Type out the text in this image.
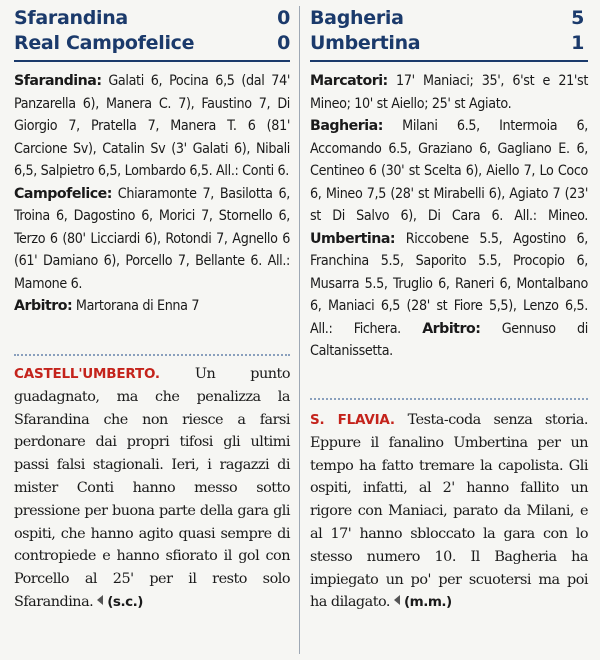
Sfarandina	0
Real Campofelice	0

Sfarandina: Galati 6, Pocina 6,5 (dal 74' Panzarella 6), Manera C. 7), Faustino 7, Di Giorgio 7, Pratella 7, Manera T. 6 (81' Carcione Sv), Catalin Sv (3' Galati 6), Nibali 6,5, Salpietro 6,5, Lombardo 6,5. All.: Conti 6.

Campofelice: Chiaramonte 7, Basilotta 6, Troina 6, Dagostino 6, Morici 7, Stornello 6, Terzo 6 (80' Licciardi 6), Rotondi 7, Agnello 6 (61' Damiano 6), Porcello 7, Bellante 6. All.: Mamone 6.

Arbitro: Martorana di Enna 7

CASTELL'UMBERTO. Un punto guadagnato, ma che penalizza la Sfarandina che non riesce a farsi perdonare dai propri tifosi gli ultimi passi falsi stagionali. Ieri, i ragazzi di mister Conti hanno messo sotto pressione per buona parte della gara gli ospiti, che hanno agito quasi sempre di contropiede e hanno sfiorato il gol con Porcello al 25' per il resto solo Sfarandina. (s.c.)

Bagheria	5
Umbertina	1

Marcatori: 17' Maniaci; 35', 6'st e 21'st Mineo; 10' st Aiello; 25' st Agiato.

Bagheria: Milani 6.5, Intermoia 6, Accomando 6.5, Graziano 6, Gagliano E. 6, Centineo 6 (30' st Scelta 6), Aiello 7, Lo Coco 6, Mineo 7,5 (28' st Mirabelli 6), Agiato 7 (23' st Di Salvo 6), Di Cara 6. All.: Mineo. Umbertina: Riccobene 5.5, Agostino 6, Franchina 5.5, Saporito 5.5, Procopio 6, Musarra 5.5, Truglio 6, Raneri 6, Montalbano 6, Maniaci 6,5 (28' st Fiore 5,5), Lenzo 6,5. All.: Fichera. Arbitro: Gennuso di Caltanissetta.

S. FLAVIA. Testa-coda senza storia. Eppure il fanalino Umbertina per un tempo ha fatto tremare la capolista. Gli ospiti, infatti, al 2' hanno fallito un rigore con Maniaci, parato da Milani, e al 17' hanno sbloccato la gara con lo stesso numero 10. Il Bagheria ha impiegato un po' per scuotersi ma poi ha dilagato. (m.m.)
